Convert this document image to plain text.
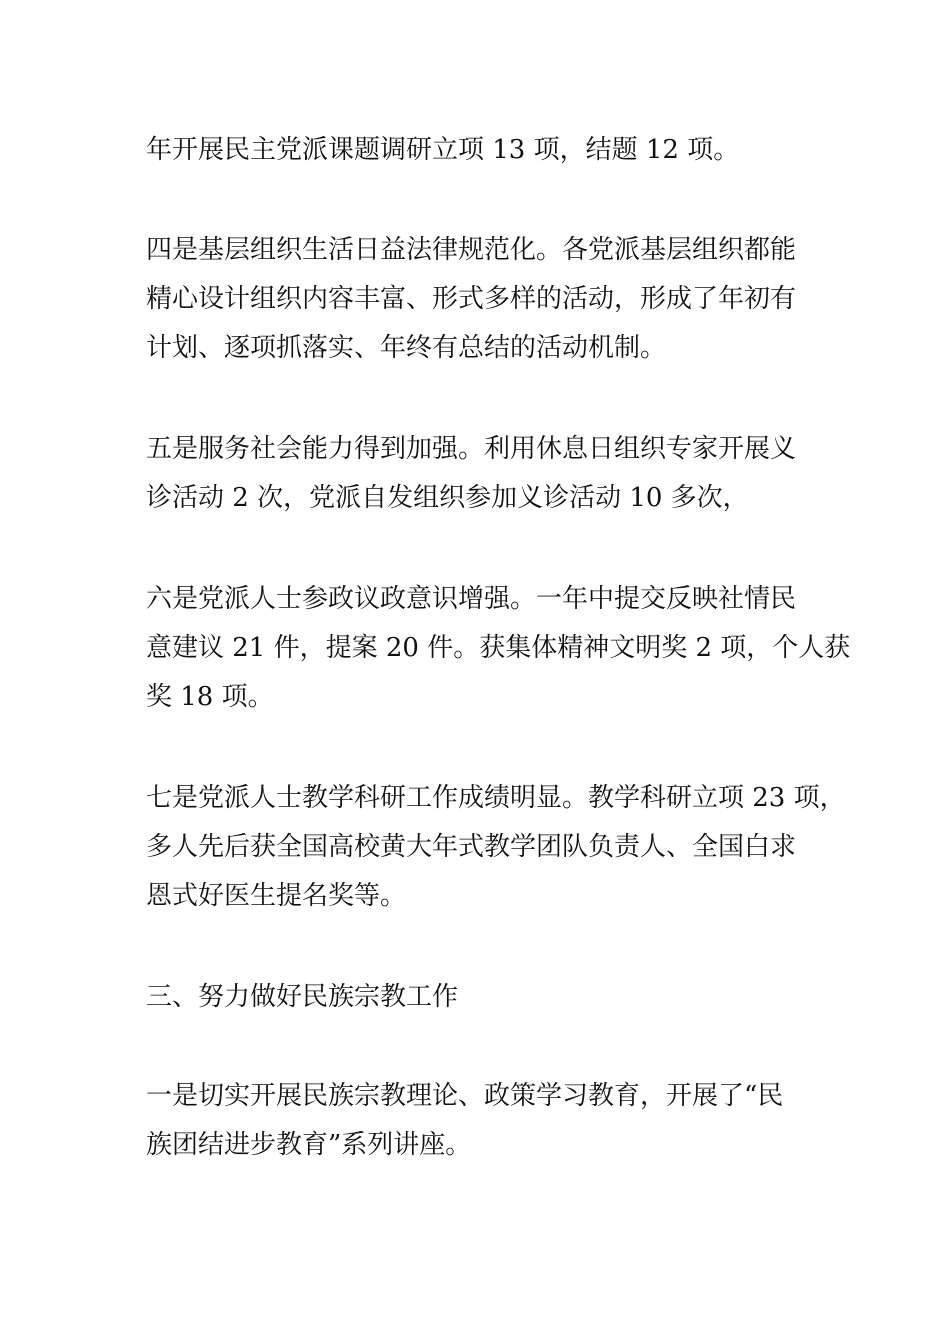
年开展民主党派课题调研立项 13 项，结题 12 项。

四是基层组织生活日益法律规范化。各党派基层组织都能
精心设计组织内容丰富、形式多样的活动，形成了年初有
计划、逐项抓落实、年终有总结的活动机制。

五是服务社会能力得到加强。利用休息日组织专家开展义
诊活动 2 次，党派自发组织参加义诊活动 10 多次，

六是党派人士参政议政意识增强。一年中提交反映社情民
意建议 21 件，提案 20 件。获集体精神文明奖 2 项，个人获
奖 18 项。

七是党派人士教学科研工作成绩明显。教学科研立项 23 项，
多人先后获全国高校黄大年式教学团队负责人、全国白求
恩式好医生提名奖等。

三、努力做好民族宗教工作

一是切实开展民族宗教理论、政策学习教育，开展了“民
族团结进步教育”系列讲座。
